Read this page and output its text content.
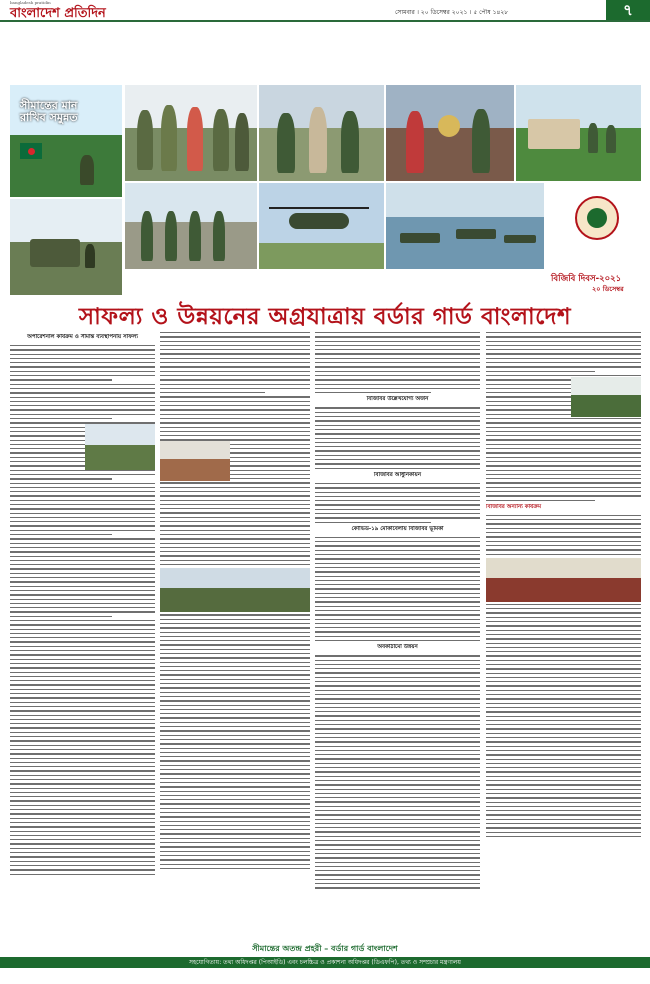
bangladesh pratidin
বাংলাদেশ প্রতিদিন	সোমবার । ২০ ডিসেম্বর ২০২১ । ৫ পৌষ ১৪২৮	৭
সীমান্তের মান
রাখিব সমুন্নত
বিজিবি দিবস-২০২১
২০ ডিসেম্বর
সাফল্য ও উন্নয়নের অগ্রযাত্রায় বর্ডার গার্ড বাংলাদেশ
অপারেশনাল কার্যক্রম ও সীমান্ত ব্যবস্থাপনায় সাফল্য
বিজিবির উল্লেখযোগ্য অর্জন
বিজিবির আধুনিকায়ন
কোভিড-১৯ মোকাবেলায় বিজিবির ভূমিকা
অবকাঠামো উন্নয়ন
বিজিবির অন্যান্য কার্যক্রম
সীমান্তের অতন্দ্র প্রহরী – বর্ডার গার্ড বাংলাদেশ
সহযোগিতায়: তথ্য অধিদপ্তর (পিআইডি) এবং চলচ্চিত্র ও প্রকাশনা অধিদপ্তর (ডিএফপি), তথ্য ও সম্প্রচার মন্ত্রণালয়
